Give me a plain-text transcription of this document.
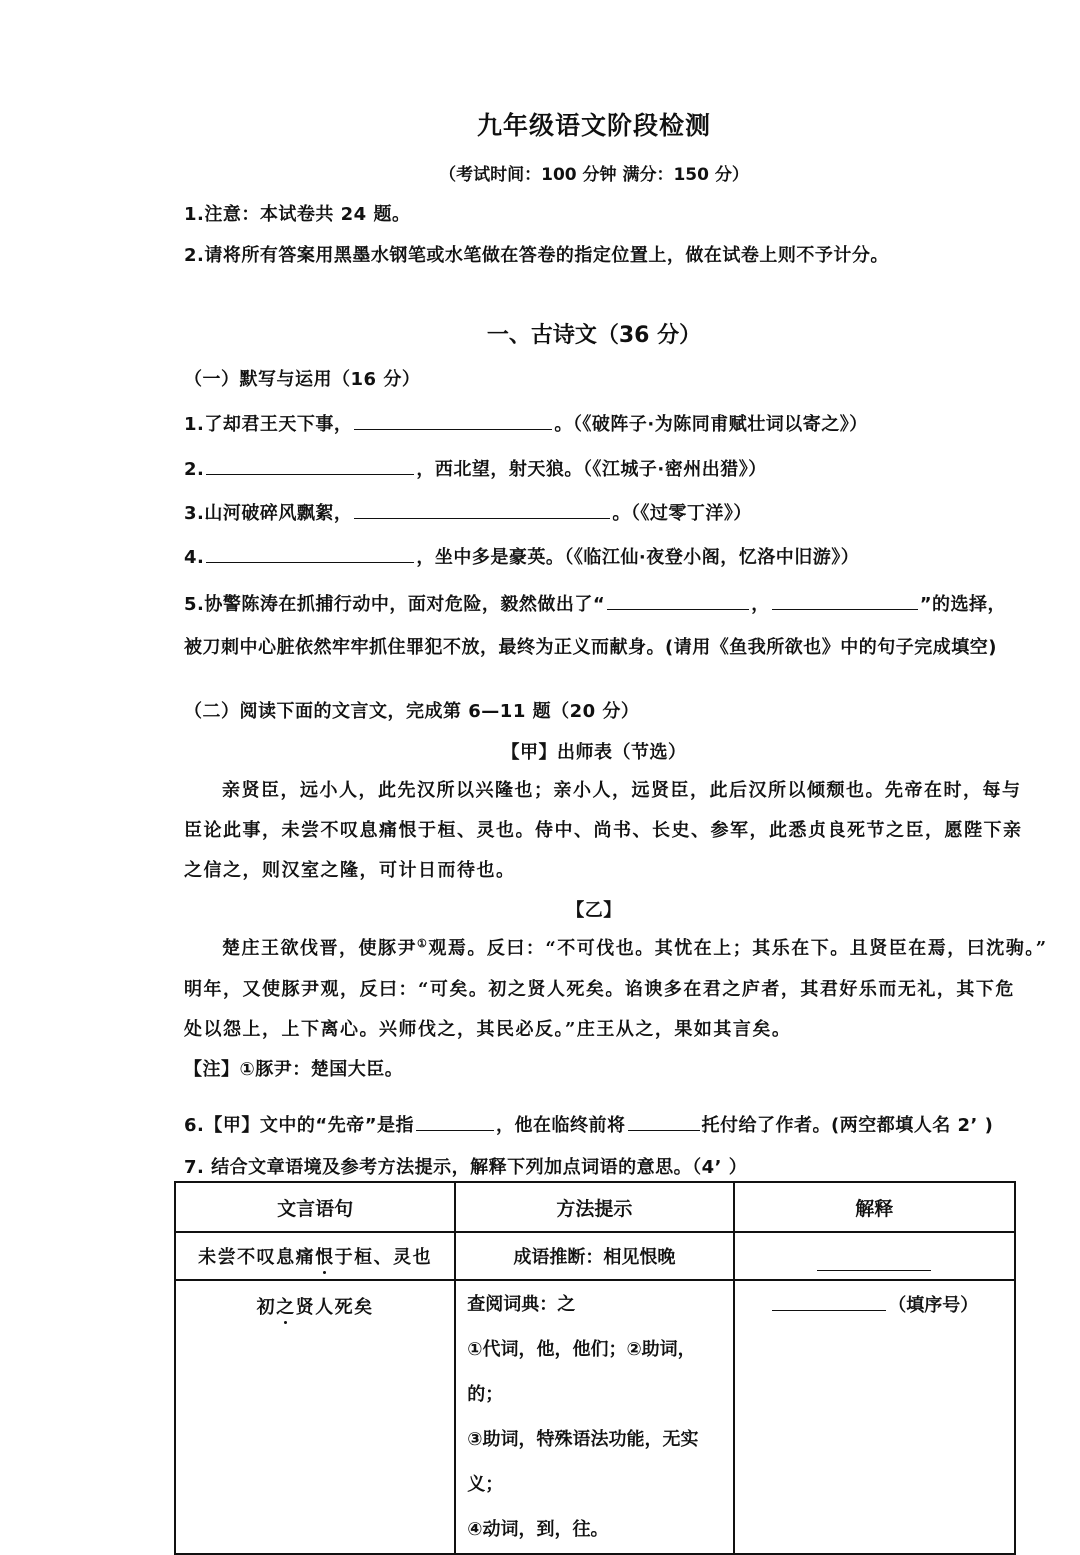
九年级语文阶段检测
（考试时间：100 分钟 满分：150 分）
1.注意：本试卷共 24 题。
2.请将所有答案用黑墨水钢笔或水笔做在答卷的指定位置上，做在试卷上则不予计分。
一、古诗文（36 分）
（一）默写与运用（16 分）
1.了却君王天下事，	。（《破阵子·为陈同甫赋壮词以寄之》）
2.	，西北望，射天狼。（《江城子·密州出猎》）
3.山河破碎风飘絮，	。（《过零丁洋》）
4.	，坐中多是豪英。（《临江仙·夜登小阁，忆洛中旧游》）
5.协警陈涛在抓捕行动中，面对危险，毅然做出了“	，	”的选择，
被刀刺中心脏依然牢牢抓住罪犯不放，最终为正义而献身。(请用《鱼我所欲也》中的句子完成填空)
（二）阅读下面的文言文，完成第 6—11 题（20 分）
【甲】出师表（节选）
亲贤臣，远小人，此先汉所以兴隆也；亲小人，远贤臣，此后汉所以倾颓也。先帝在时，每与
臣论此事，未尝不叹息痛恨于桓、灵也。侍中、尚书、长史、参军，此悉贞良死节之臣，愿陛下亲
之信之，则汉室之隆，可计日而待也。
【乙】
楚庄王欲伐晋，使豚尹①观焉。反曰：“不可伐也。其忧在上；其乐在下。且贤臣在焉，曰沈驹。”
明年，又使豚尹观，反曰：“可矣。初之贤人死矣。谄谀多在君之庐者，其君好乐而无礼，其下危
处以怨上，上下离心。兴师伐之，其民必反。”庄王从之，果如其言矣。
【注】①豚尹：楚国大臣。
6.【甲】文中的“先帝”是指	，他在临终前将	托付给了作者。(两空都填人名 2’ )
7. 结合文章语境及参考方法提示，解释下列加点词语的意思。（4’ ）
文言语句	方法提示	解释
未尝不叹息痛恨于桓、灵也	成语推断：相见恨晚	
初之贤人死矣	查阅词典：之
①代词，他，他们；②助词，的；
③助词，特殊语法功能，无实义；
④动词，到，往。	（填序号）
